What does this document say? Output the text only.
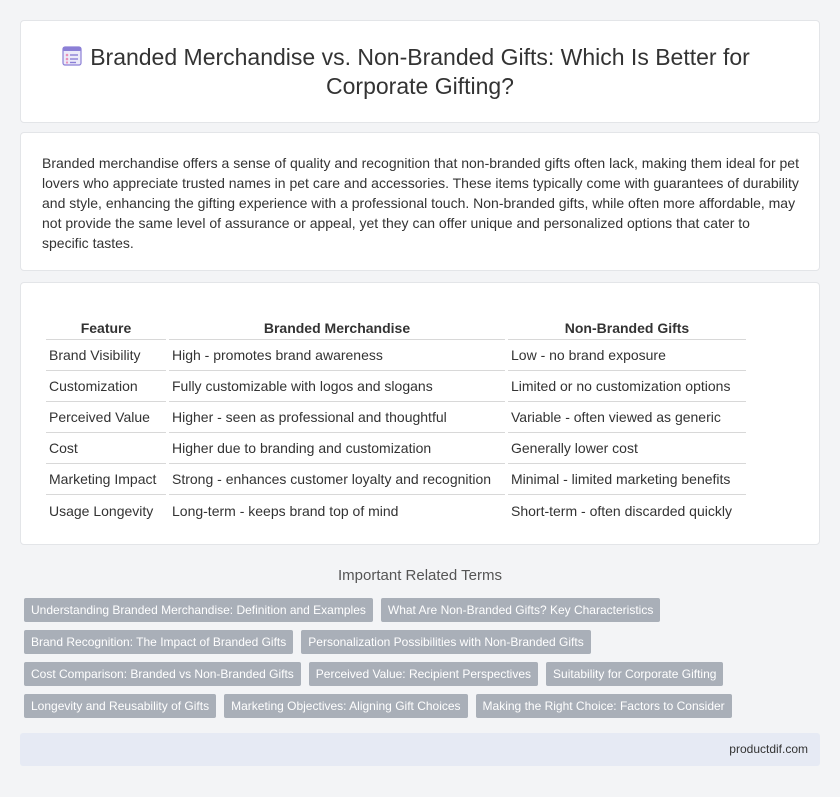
Branded Merchandise vs. Non-Branded Gifts: Which Is Better for Corporate Gifting?

Branded merchandise offers a sense of quality and recognition that non-branded gifts often lack, making them ideal for pet lovers who appreciate trusted names in pet care and accessories. These items typically come with guarantees of durability and style, enhancing the gifting experience with a professional touch. Non-branded gifts, while often more affordable, may not provide the same level of assurance or appeal, yet they can offer unique and personalized options that cater to specific tastes.

Feature	Branded Merchandise	Non-Branded Gifts
Brand Visibility	High - promotes brand awareness	Low - no brand exposure
Customization	Fully customizable with logos and slogans	Limited or no customization options
Perceived Value	Higher - seen as professional and thoughtful	Variable - often viewed as generic
Cost	Higher due to branding and customization	Generally lower cost
Marketing Impact	Strong - enhances customer loyalty and recognition	Minimal - limited marketing benefits
Usage Longevity	Long-term - keeps brand top of mind	Short-term - often discarded quickly
Important Related Terms
Understanding Branded Merchandise: Definition and Examples	What Are Non-Branded Gifts? Key Characteristics
Brand Recognition: The Impact of Branded Gifts	Personalization Possibilities with Non-Branded Gifts
Cost Comparison: Branded vs Non-Branded Gifts	Perceived Value: Recipient Perspectives	Suitability for Corporate Gifting
Longevity and Reusability of Gifts	Marketing Objectives: Aligning Gift Choices	Making the Right Choice: Factors to Consider
productdif.com
